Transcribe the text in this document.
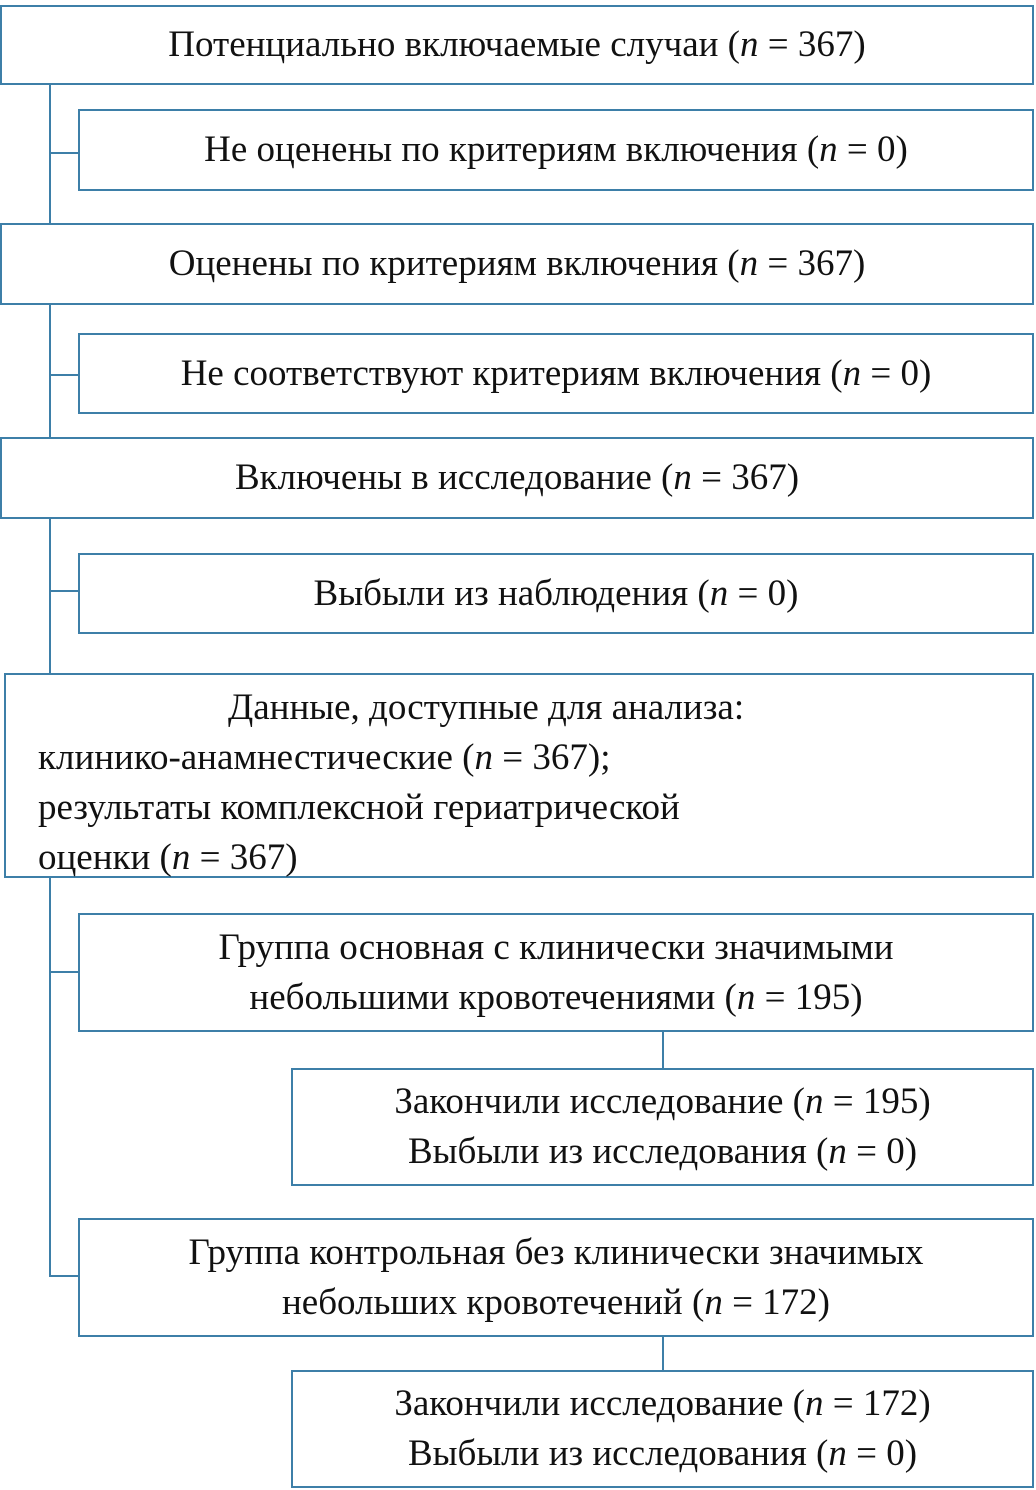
Потенциально включаемые случаи (n = 367)
Не оценены по критериям включения (n = 0)
Оценены по критериям включения (n = 367)
Не соответствуют критериям включения (n = 0)
Включены в исследование (n = 367)
Выбыли из наблюдения (n = 0)
Данные, доступные для анализа:
клинико-анамнестические (n = 367);
результаты комплексной гериатрической
оценки (n = 367)
Группа основная с клинически значимыми
небольшими кровотечениями (n = 195)
Закончили исследование (n = 195)
Выбыли из исследования (n = 0)
Группа контрольная без клинически значимых
небольших кровотечений (n = 172)
Закончили исследование (n = 172)
Выбыли из исследования (n = 0)
